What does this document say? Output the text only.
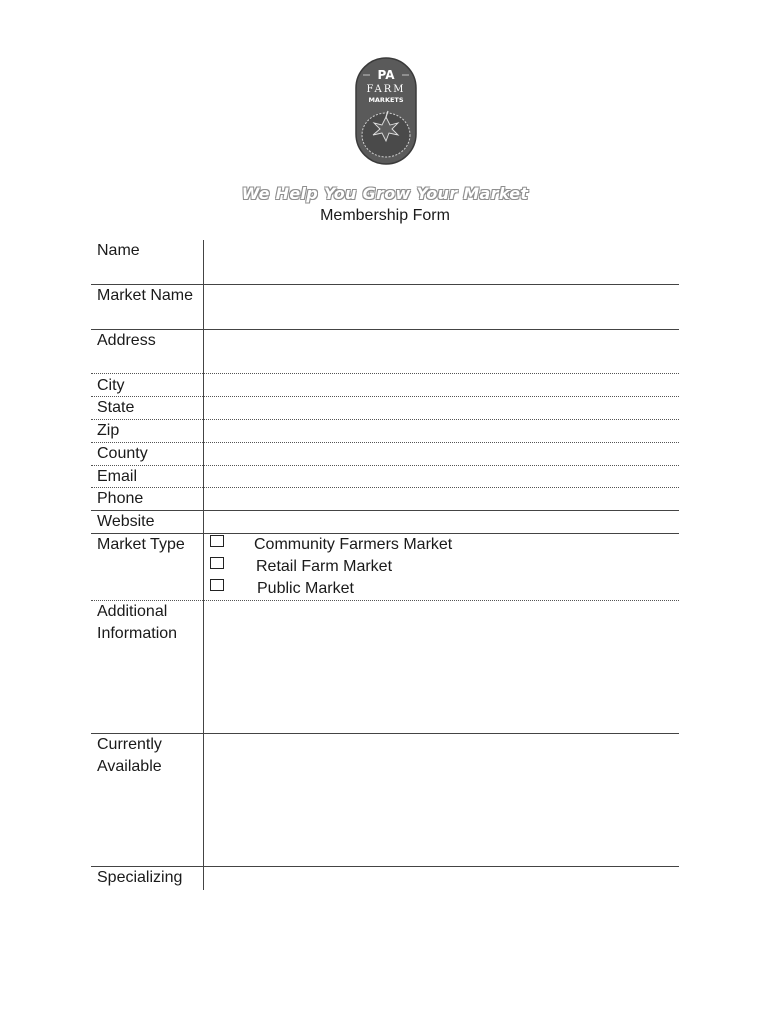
PA
FARM
MARKETS
We Help You Grow Your Market
Membership Form
Name
Market Name
Address
City
State
Zip
County
Email
Phone
Website
Market Type
Additional
Information
Currently
Available
Specializing
Community Farmers Market
Retail Farm Market
Public Market
